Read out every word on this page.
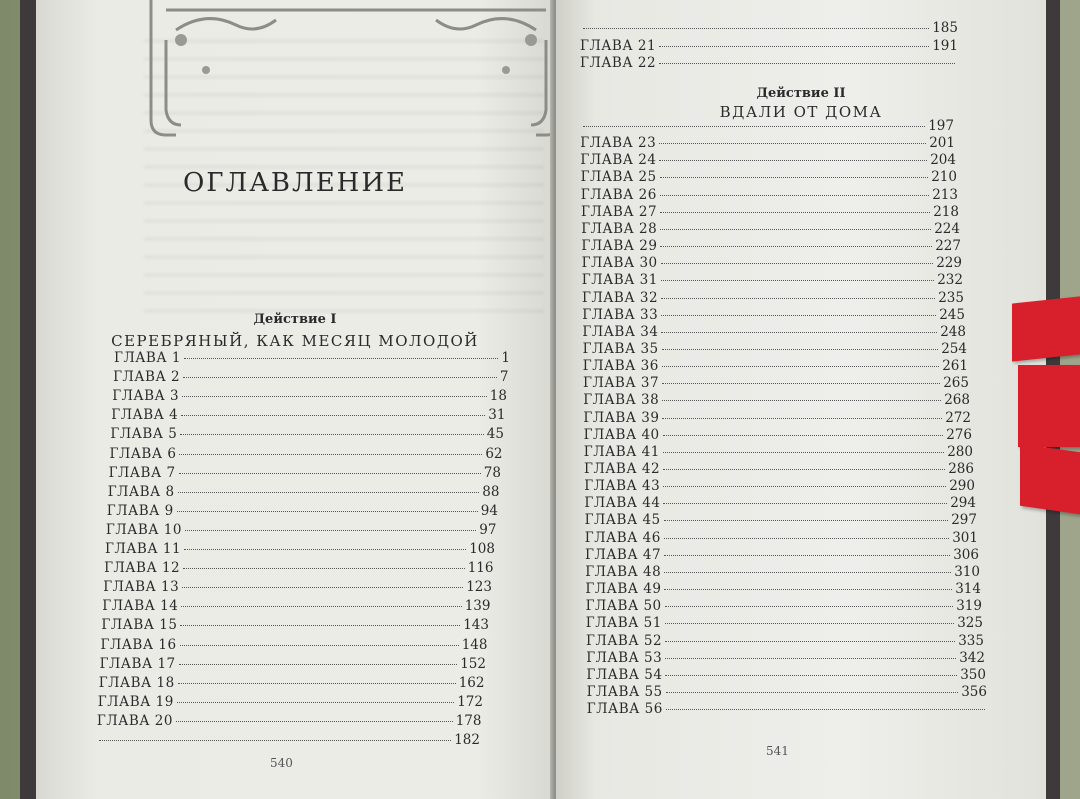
ОГЛАВЛЕНИЕ
Действие I
СЕРЕБРЯНЫЙ, КАК МЕСЯЦ МОЛОДОЙ
ГЛАВА 1	1
ГЛАВА 2	7
ГЛАВА 3	18
ГЛАВА 4	31
ГЛАВА 5	45
ГЛАВА 6	62
ГЛАВА 7	78
ГЛАВА 8	88
ГЛАВА 9	94
ГЛАВА 10	97
ГЛАВА 11	108
ГЛАВА 12	116
ГЛАВА 13	123
ГЛАВА 14	139
ГЛАВА 15	143
ГЛАВА 16	148
ГЛАВА 17	152
ГЛАВА 18	162
ГЛАВА 19	172
ГЛАВА 20	178
182
540
185
ГЛАВА 21	191
ГЛАВА 22
Действие II
ВДАЛИ ОТ ДОМА
197
ГЛАВА 23	201
ГЛАВА 24	204
ГЛАВА 25	210
ГЛАВА 26	213
ГЛАВА 27	218
ГЛАВА 28	224
ГЛАВА 29	227
ГЛАВА 30	229
ГЛАВА 31	232
ГЛАВА 32	235
ГЛАВА 33	245
ГЛАВА 34	248
ГЛАВА 35	254
ГЛАВА 36	261
ГЛАВА 37	265
ГЛАВА 38	268
ГЛАВА 39	272
ГЛАВА 40	276
ГЛАВА 41	280
ГЛАВА 42	286
ГЛАВА 43	290
ГЛАВА 44	294
ГЛАВА 45	297
ГЛАВА 46	301
ГЛАВА 47	306
ГЛАВА 48	310
ГЛАВА 49	314
ГЛАВА 50	319
ГЛАВА 51	325
ГЛАВА 52	335
ГЛАВА 53	342
ГЛАВА 54	350
ГЛАВА 55	356
ГЛАВА 56
541
